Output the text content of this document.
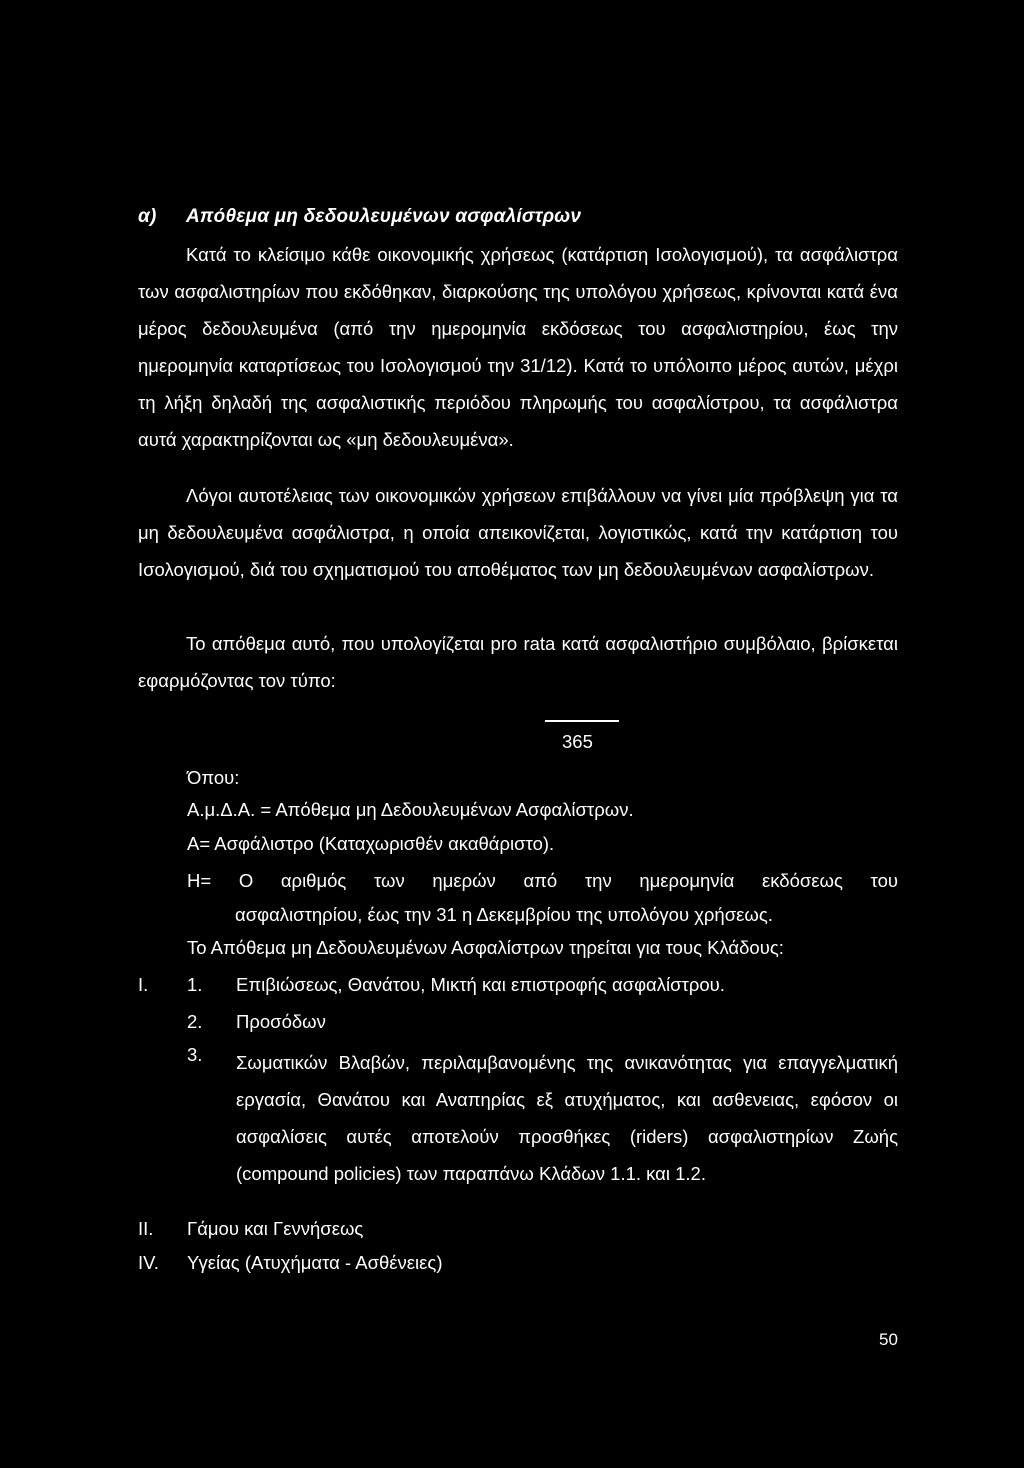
α) Απόθεμα μη δεδουλευμένων ασφαλίστρων
Κατά το κλείσιμο κάθε οικονομικής χρήσεως (κατάρτιση Ισολογισμού), τα ασφάλιστρα των ασφαλιστηρίων που εκδόθηκαν, διαρκούσης της υπολόγου χρήσεως, κρίνονται κατά ένα μέρος δεδουλευμένα (από την ημερομηνία εκδόσεως του ασφαλιστηρίου, έως την ημερομηνία καταρτίσεως του Ισολογισμού την 31/12). Κατά το υπόλοιπο μέρος αυτών, μέχρι τη λήξη δηλαδή της ασφαλιστικής περιόδου πληρωμής του ασφαλίστρου, τα ασφάλιστρα αυτά χαρακτηρίζονται ως «μη δεδουλευμένα».
Λόγοι αυτοτέλειας των οικονομικών χρήσεων επιβάλλουν να γίνει μία πρόβλεψη για τα μη δεδουλευμένα ασφάλιστρα, η οποία απεικονίζεται, λογιστικώς, κατά την κατάρτιση του Ισολογισμού, διά του σχηματισμού του αποθέματος των μη δεδουλευμένων ασφαλίστρων.
Το απόθεμα αυτό, που υπολογίζεται pro rata κατά ασφαλιστήριο συμβόλαιο, βρίσκεται εφαρμόζοντας τον τύπο:
365
Όπου:
Α.μ.Δ.Α. = Απόθεμα μη Δεδουλευμένων Ασφαλίστρων.
Α= Ασφάλιστρο (Καταχωρισθέν ακαθάριστο).
Η= Ο αριθμός των ημερών από την ημερομηνία εκδόσεως του
ασφαλιστηρίου, έως την 31 η Δεκεμβρίου της υπολόγου χρήσεως.
Το Απόθεμα μη Δεδουλευμένων Ασφαλίστρων τηρείται για τους Κλάδους:
Ι. 1. Επιβιώσεως, Θανάτου, Μικτή και επιστροφής ασφαλίστρου.
2. Προσόδων
3. Σωματικών Βλαβών, περιλαμβανομένης της ανικανότητας για επαγγελματική εργασία, Θανάτου και Αναπηρίας εξ ατυχήματος, και ασθενειας, εφόσον οι ασφαλίσεις αυτές αποτελούν προσθήκες (riders) ασφαλιστηρίων Ζωής (compound policies) των παραπάνω Κλάδων 1.1. και 1.2.
ΙΙ. Γάμου και Γεννήσεως
IV. Υγείας (Ατυχήματα - Ασθένειες)
50
